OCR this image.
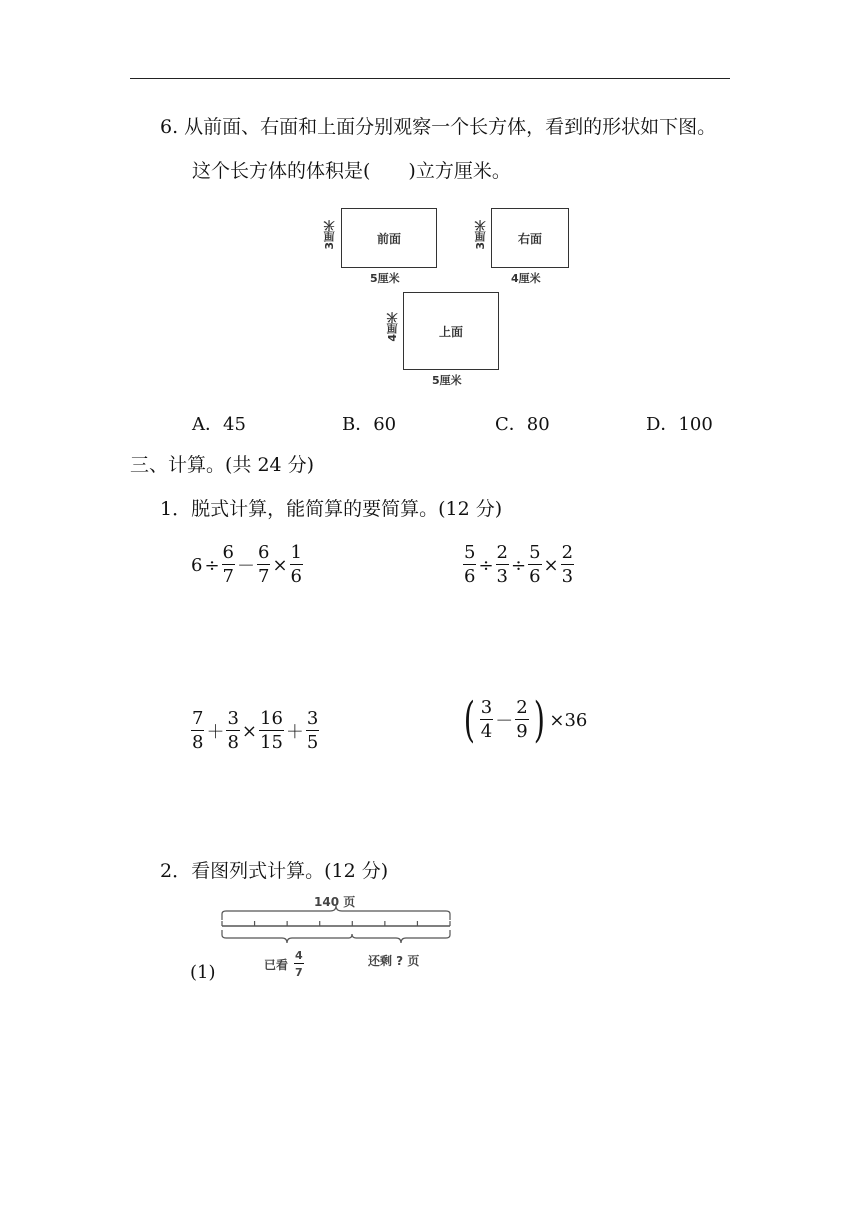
6. 从前面、右面和上面分别观察一个长方体，看到的形状如下图。
这个长方体的体积是(　　)立方厘米。
前面
3厘米
5厘米
右面
3厘米
4厘米
上面
4厘米
5厘米
A．45	B．60	C．80	D．100
三、计算。(共 24 分)
1．脱式计算，能简算的要简算。(12 分)
$6 \div \frac{6}{7} - \frac{6}{7} \times \frac{1}{6}$	$\frac{5}{6} \div \frac{2}{3} \div \frac{5}{6} \times \frac{2}{3}$
$\frac{7}{8} + \frac{3}{8} \times \frac{16}{15} + \frac{3}{5}$	( $\frac{3}{4} - \frac{2}{9}$ ) ×36
2．看图列式计算。(12 分)
140 页
已看 $\frac{4}{7}$	还剩 ? 页
(1)
